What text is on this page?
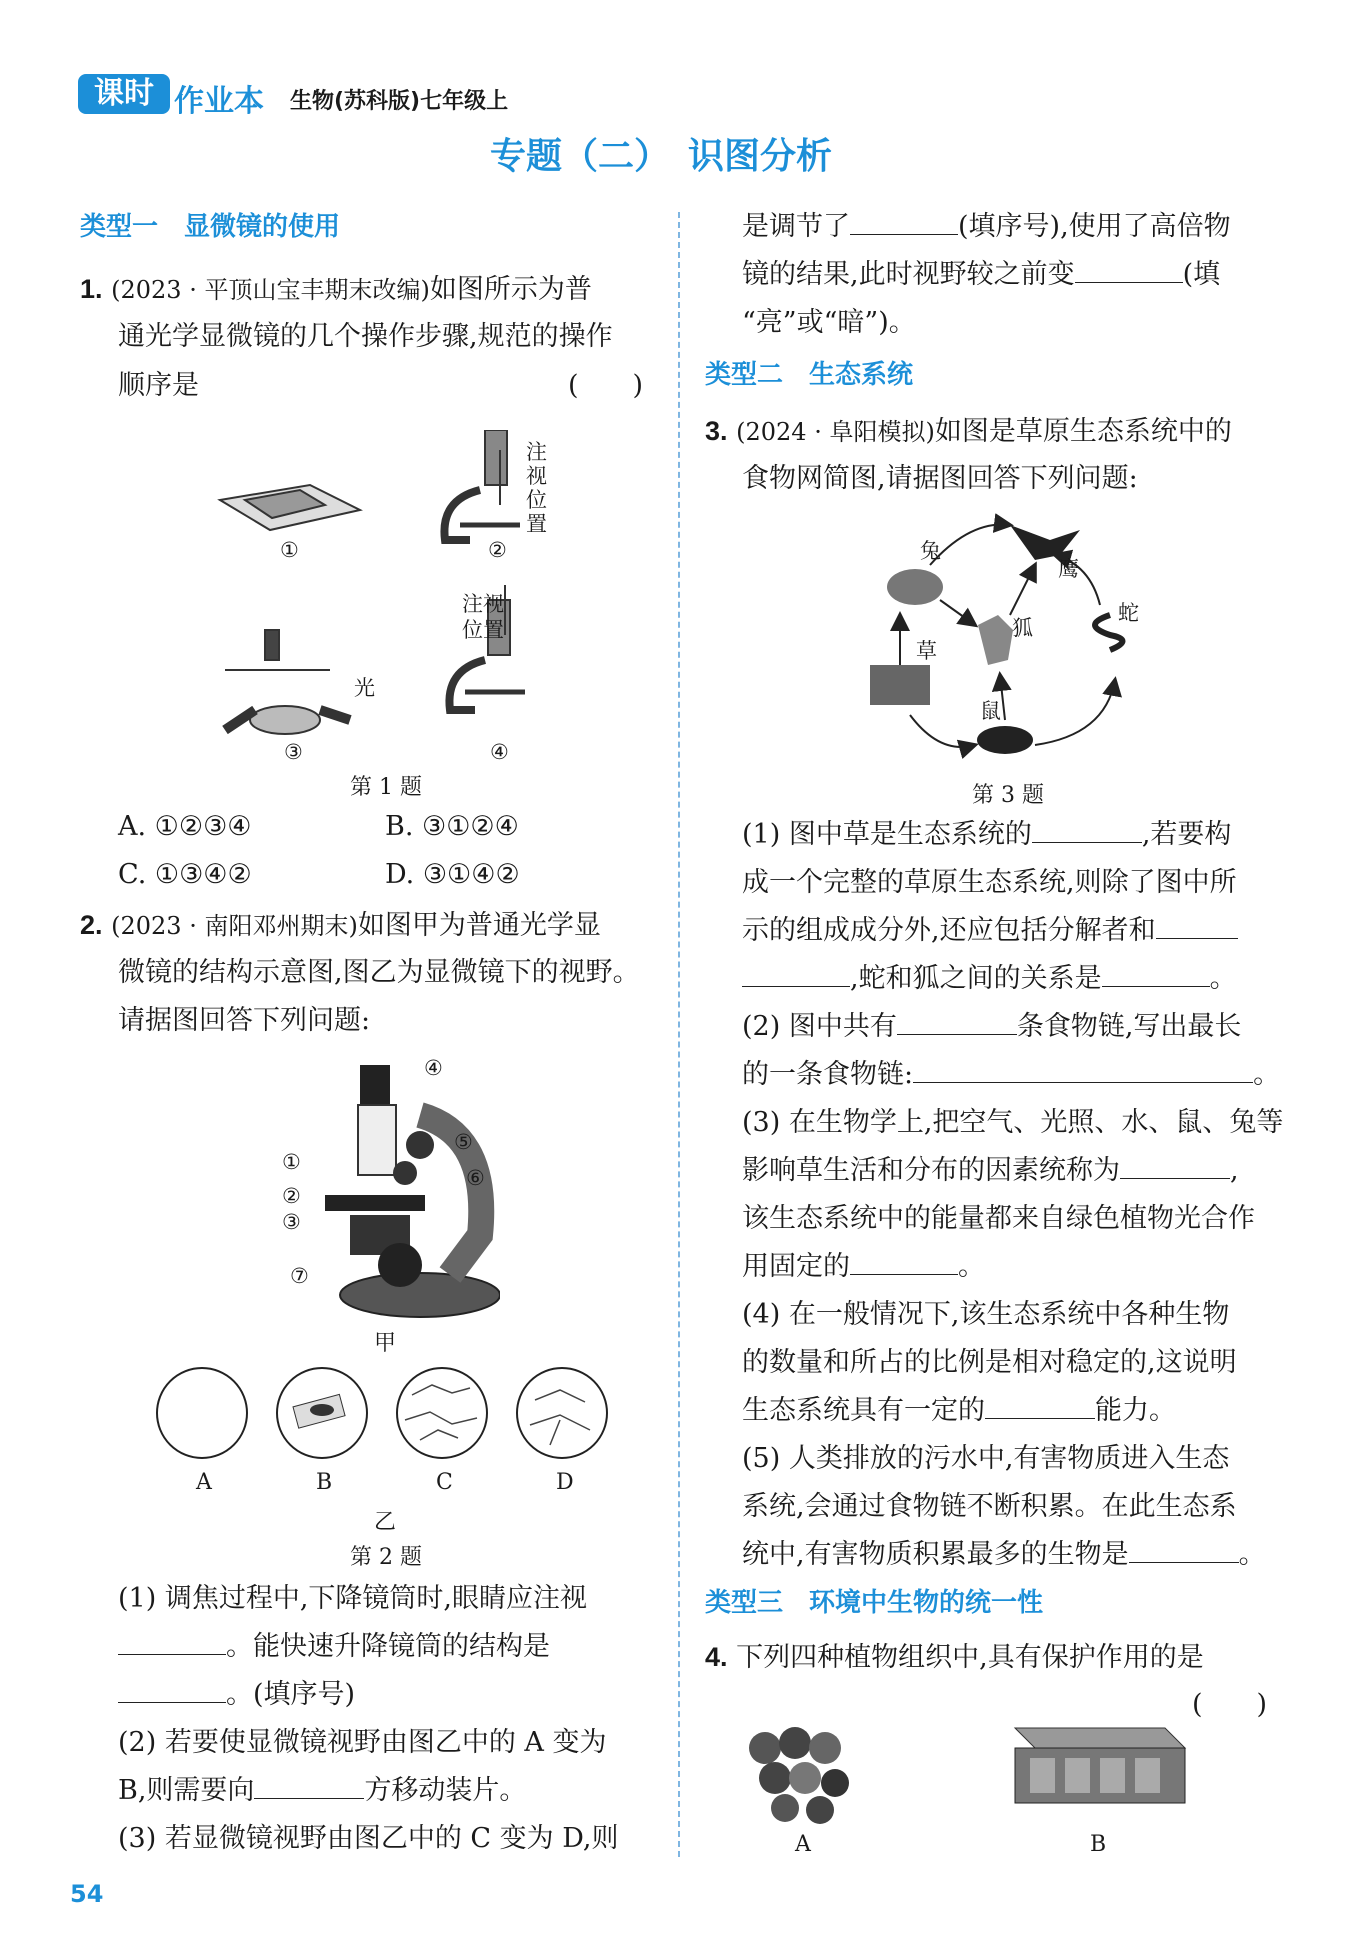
课时 作业本 生物(苏科版)七年级上
专题（二）　识图分析
类型一　显微镜的使用
1. (2023 · 平顶山宝丰期末改编)如图所示为普
通光学显微镜的几个操作步骤,规范的操作
顺序是	(　　)
①	②
注视位置
注视
位置
光
③	④
第 1 题
A. ①②③④	B. ③①②④
C. ①③④②	D. ③①④②
2. (2023 · 南阳邓州期末)如图甲为普通光学显
微镜的结构示意图,图乙为显微镜下的视野。
请据图回答下列问题:
④
⑤
⑥
①
②
③
⑦
甲
A	B	C	D
乙
第 2 题
(1) 调焦过程中,下降镜筒时,眼睛应注视
。能快速升降镜筒的结构是
。(填序号)
(2) 若要使显微镜视野由图乙中的 A 变为
B,则需要向	方移动装片。
(3) 若显微镜视野由图乙中的 C 变为 D,则
54
是调节了	(填序号),使用了高倍物
镜的结果,此时视野较之前变	(填
“亮”或“暗”)。
类型二　生态系统
3. (2024 · 阜阳模拟)如图是草原生态系统中的
食物网简图,请据图回答下列问题:
兔
鹰
蛇
狐
草
鼠
第 3 题
(1) 图中草是生态系统的	,若要构
成一个完整的草原生态系统,则除了图中所
示的组成成分外,还应包括分解者和
,蛇和狐之间的关系是	。
(2) 图中共有	条食物链,写出最长
的一条食物链:	。
(3) 在生物学上,把空气、光照、水、鼠、兔等
影响草生活和分布的因素统称为	,
该生态系统中的能量都来自绿色植物光合作
用固定的	。
(4) 在一般情况下,该生态系统中各种生物
的数量和所占的比例是相对稳定的,这说明
生态系统具有一定的	能力。
(5) 人类排放的污水中,有害物质进入生态
系统,会通过食物链不断积累。在此生态系
统中,有害物质积累最多的生物是	。
类型三　环境中生物的统一性
4. 下列四种植物组织中,具有保护作用的是
(　　)
A	B
